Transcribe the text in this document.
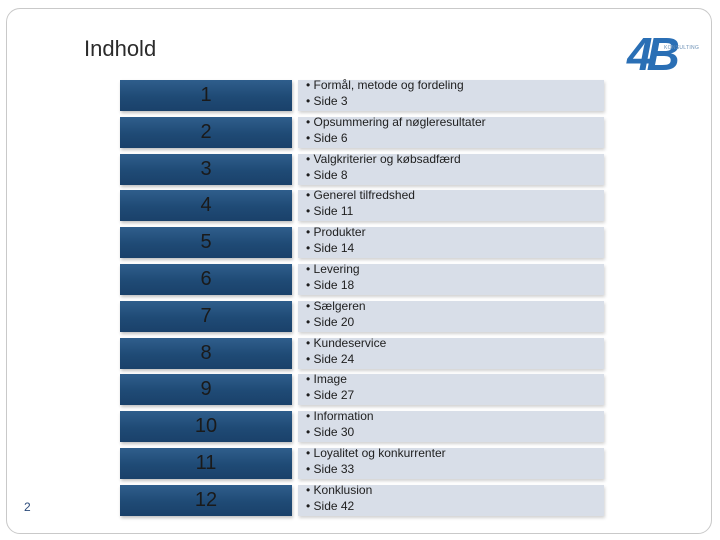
Indhold	4B
KONSULTING
1	• Formål, metode og fordeling
• Side 3
2	• Opsummering af nøgleresultater
• Side 6
3	• Valgkriterier og købsadfærd
• Side 8
4	• Generel tilfredshed
• Side 11
5	• Produkter
• Side 14
6	• Levering
• Side 18
7	• Sælgeren
• Side 20
8	• Kundeservice
• Side 24
9	• Image
• Side 27
10	• Information
• Side 30
11	• Loyalitet og konkurrenter
• Side 33
12	• Konklusion
• Side 42
2
